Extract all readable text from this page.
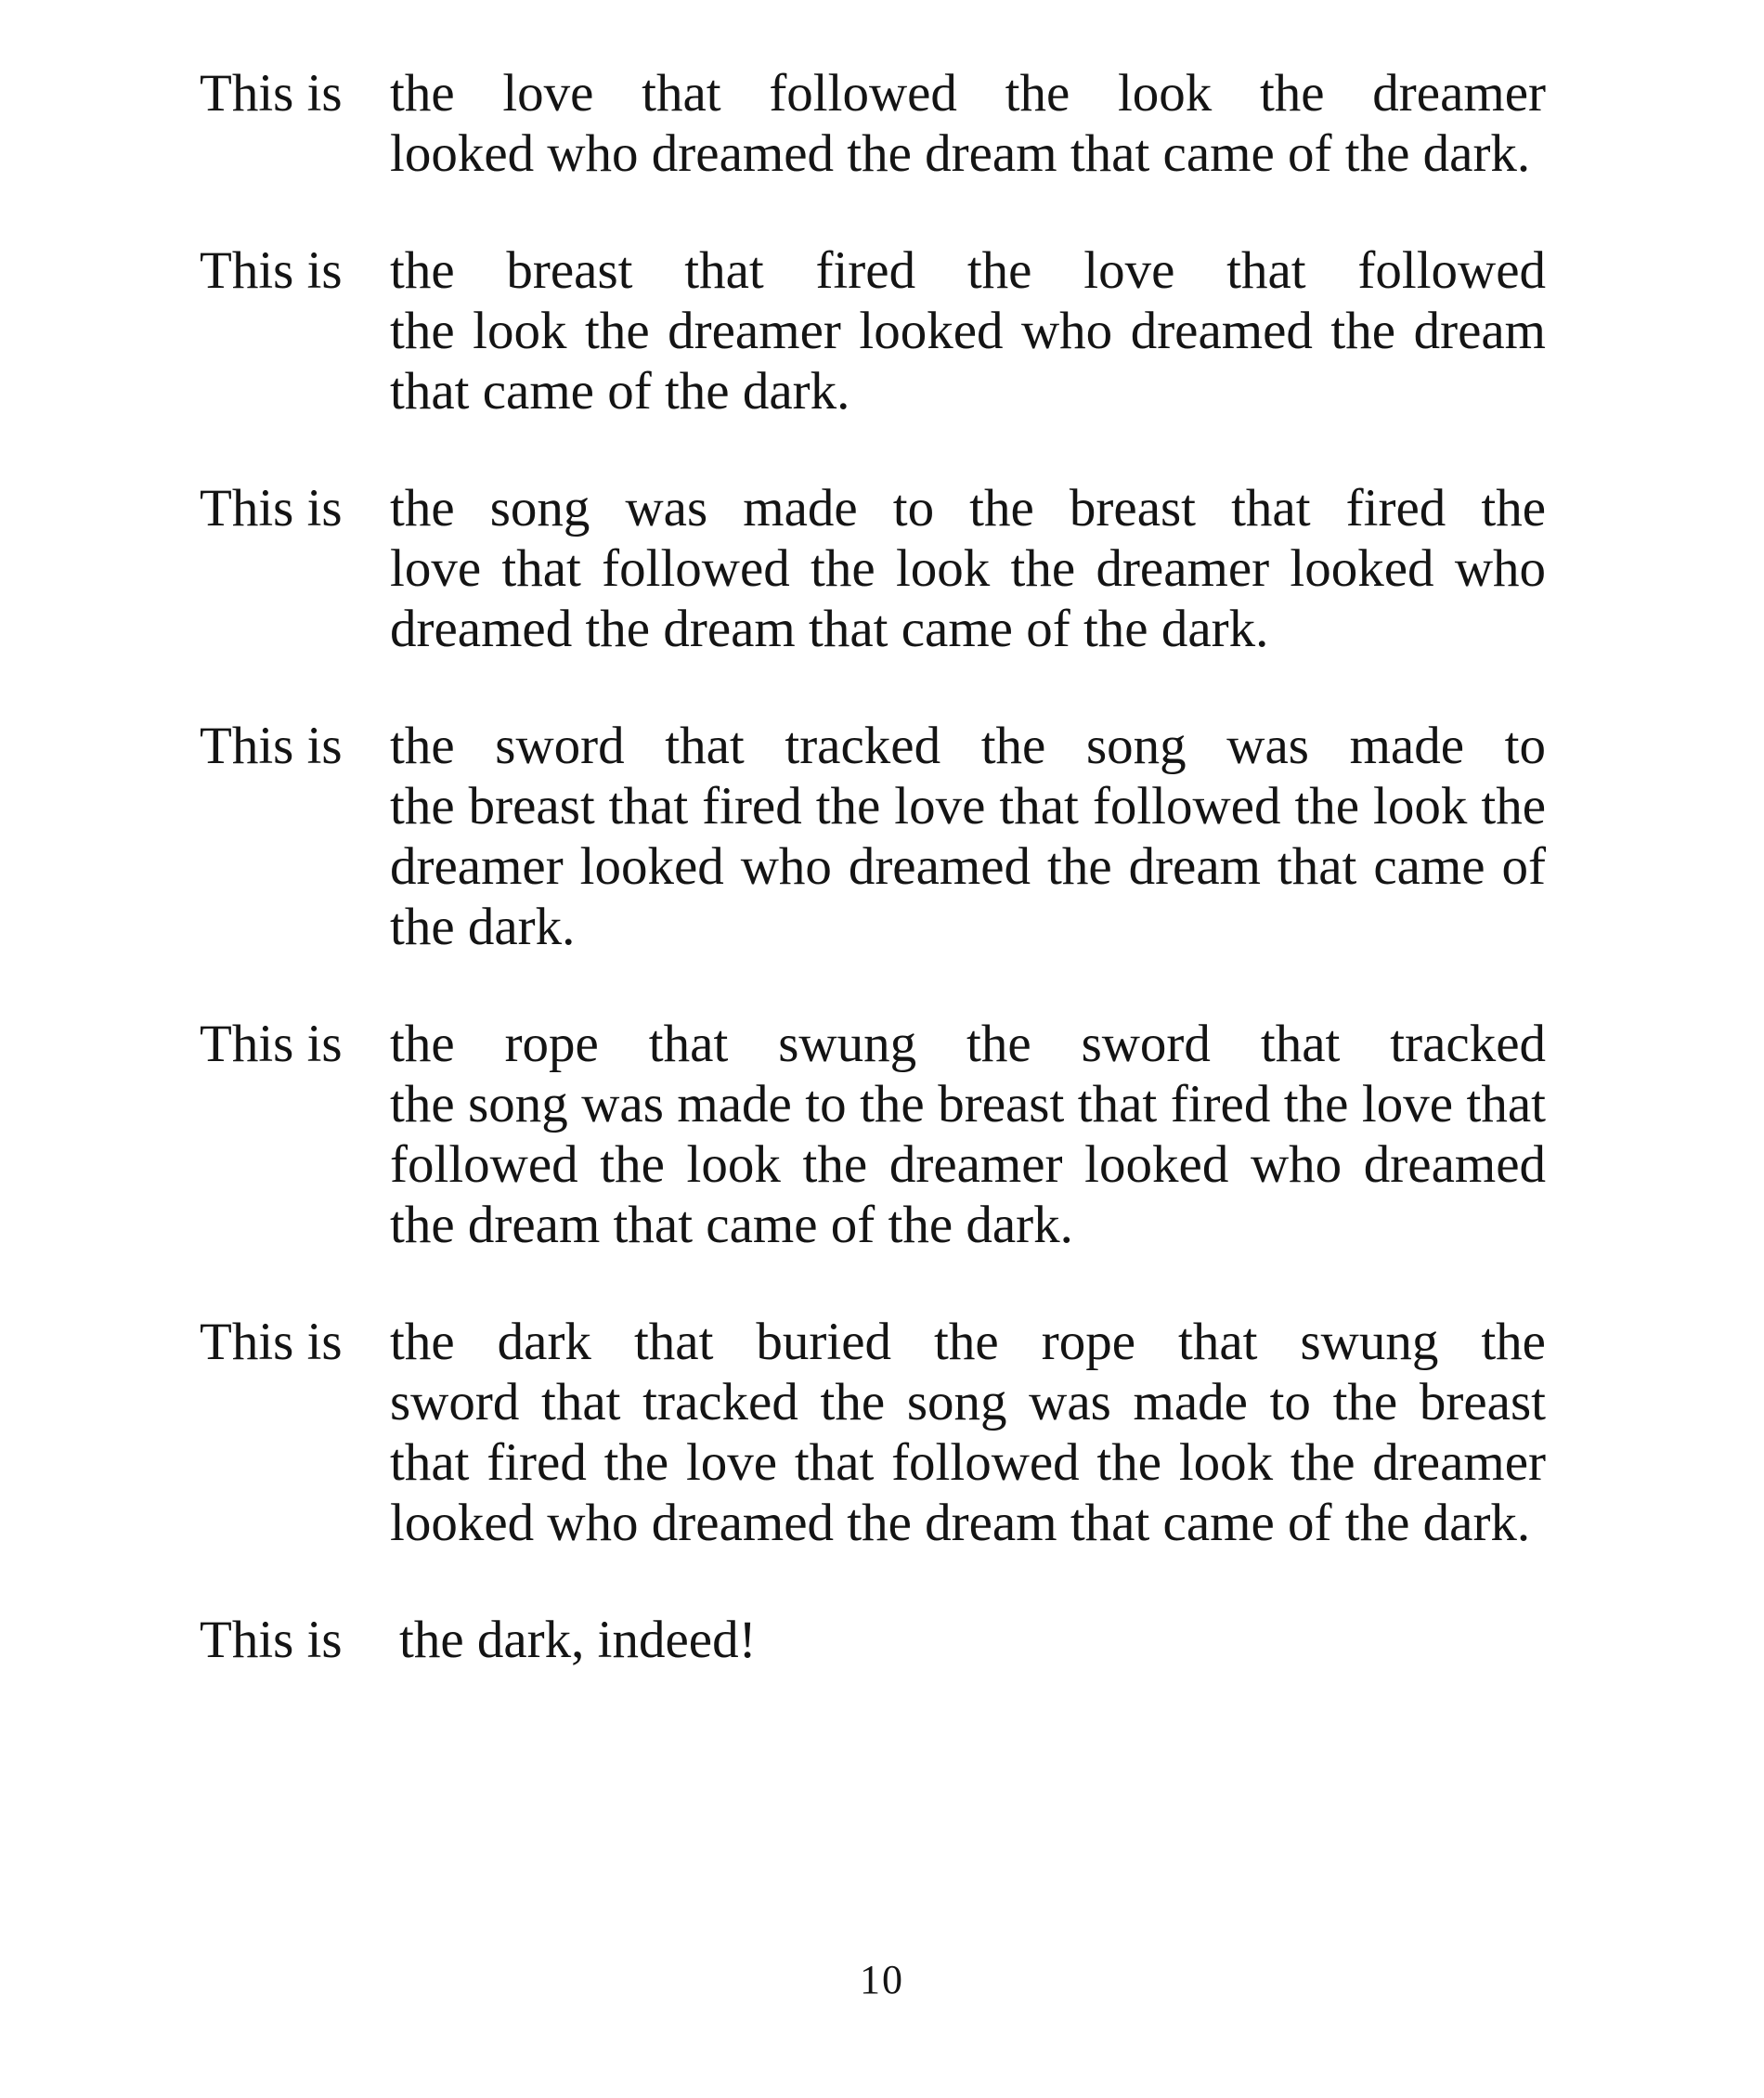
This is the love that followed the look the dreamer
looked who dreamed the dream that came of the dark.
This is the breast that fired the love that followed
the look the dreamer looked who dreamed the dream that came of the dark.
This is the song was made to the breast that fired the
love that followed the look the dreamer looked who dreamed the dream that came of the dark.
This is the sword that tracked the song was made to
the breast that fired the love that followed the look the dreamer looked who dreamed the dream that came of the dark.
This is the rope that swung the sword that tracked
the song was made to the breast that fired the love that followed the look the dreamer looked who dreamed the dream that came of the dark.
This is the dark that buried the rope that swung the
sword that tracked the song was made to the breast that fired the love that followed the look the dreamer looked who dreamed the dream that came of the dark.
This is	the dark, indeed!
10
